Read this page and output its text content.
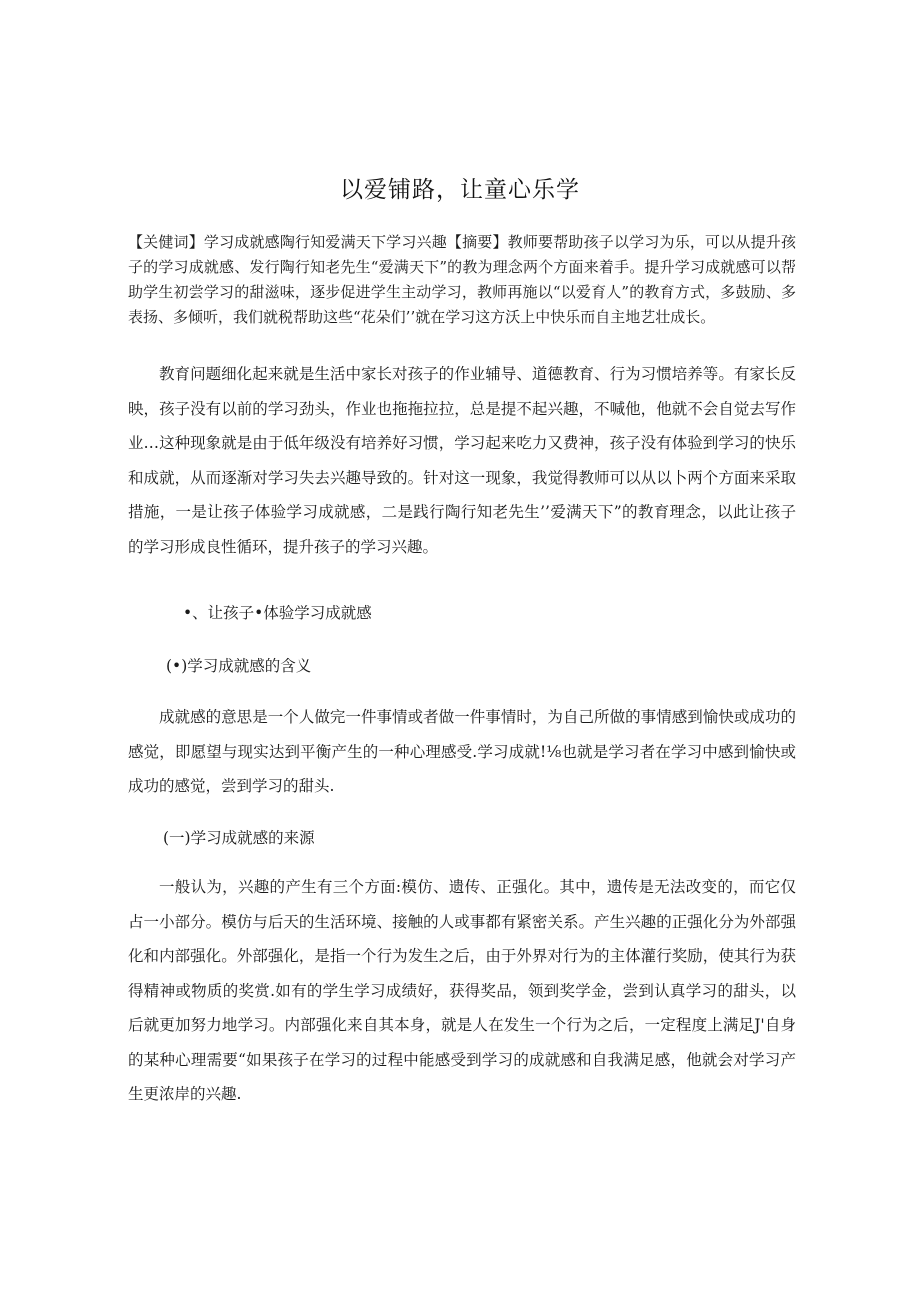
以爱铺路，让童心乐学
【关健词】学习成就感陶行知爱满天下学习兴趣【摘要】教师要帮助孩子以学习为乐，可以从提升孩子的学习成就感、发行陶行知老先生“爱满天下”的教为理念两个方面来着手。提升学习成就感可以帮助学生初尝学习的甜滋味，逐步促进学生主动学习，教师再施以“以爱育人”的教育方式，多鼓励、多表扬、多倾听，我们就税帮助这些“花朵们’’就在学习这方沃上中快乐而自主地艺壮成长。

教育问题细化起来就是生活中家长对孩子的作业辅导、道德教育、行为习惯培养等。有家长反映，孩子没有以前的学习劲头，作业也拖拖拉拉，总是提不起兴趣，不喊他，他就不会自觉去写作业…这种现象就是由于低年级没有培养好习惯，学习起来吃力又费神，孩子没有体验到学习的快乐和成就，从而逐渐对学习失去兴趣导致的。针对这一现象，我觉得教师可以从以卜两个方面来采取措施，一是让孩子体验学习成就感，二是践行陶行知老先生’’爱满天下”的教育理念，以此让孩子的学习形成良性循环，提升孩子的学习兴趣。

•、让孩子•体验学习成就感

(•)学习成就感的含义

成就感的意思是一个人做完一件事情或者做一件事情时，为自己所做的事情感到愉快或成功的感觉，即愿望与现实达到平衡产生的一种心理感受.学习成就!⅛也就是学习者在学习中感到愉快或成功的感觉，尝到学习的甜头.

(一)学习成就感的来源

一般认为，兴趣的产生有三个方面:模仿、遗传、正强化。其中，遗传是无法改变的，而它仅占一小部分。模仿与后天的生活环境、接触的人或事都有紧密关系。产生兴趣的正强化分为外部强化和内部强化。外部强化，是指一个行为发生之后，由于外界对行为的主体灌行奖励，使其行为获得精神或物质的奖赏.如有的学生学习成绩好，获得奖品，领到奖学金，尝到认真学习的甜头，以后就更加努力地学习。内部强化来自其本身，就是人在发生一个行为之后，一定程度上满足J'自身的某种心理需要“如果孩子在学习的过程中能感受到学习的成就感和自我满足感，他就会对学习产生更浓岸的兴趣.
